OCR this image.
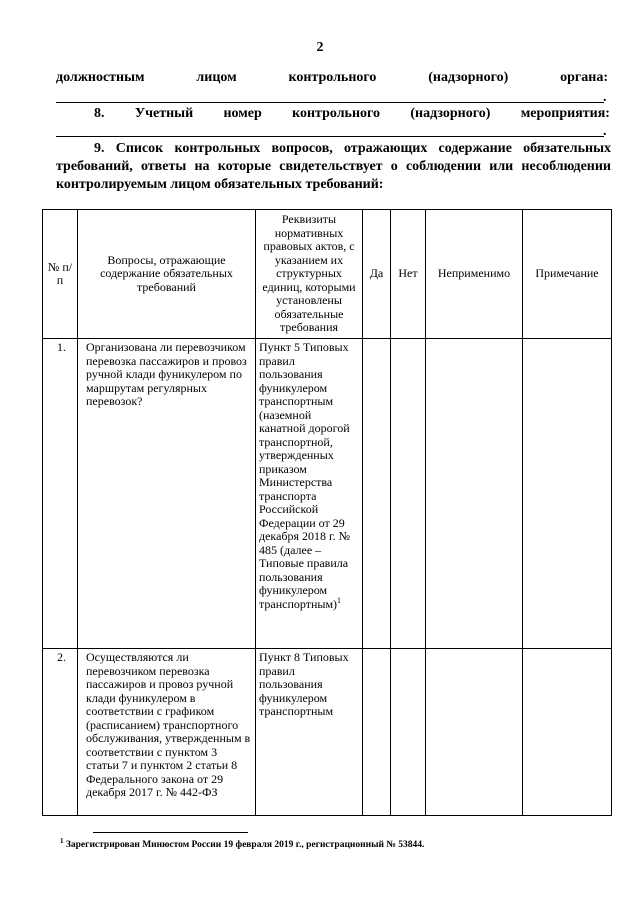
2
должностным	лицом	контрольного	(надзорного)	органа:
.
8. Учетный номер контрольного (надзорного) мероприятия:
.
9. Список контрольных вопросов, отражающих содержание обязательных требований, ответы на которые свидетельствует о соблюдении или несоблюдении контролируемым лицом обязательных требований:
№ п/п	Вопросы, отражающие содержание обязательных требований	Реквизиты нормативных правовых актов, с указанием их структурных единиц, которыми установлены обязательные требования	Да	Нет	Неприменимо	Примечание
1.	Организована ли перевозчиком перевозка пассажиров и провоз ручной клади фуникулером по маршрутам регулярных перевозок?	Пункт 5 Типовых правил пользования фуникулером транспортным (наземной канатной дорогой транспортной, утвержденных приказом Министерства транспорта Российской Федерации от 29 декабря 2018 г. № 485 (далее – Типовые правила пользования фуникулером транспортным)$^1$				
2.	Осуществляются ли перевозчиком перевозка пассажиров и провоз ручной клади фуникулером в соответствии с графиком (расписанием) транспортного обслуживания, утвержденным в соответствии с пунктом 3 статьи 7 и пунктом 2 статьи 8 Федерального закона от 29 декабря 2017 г. № 442-ФЗ	Пункт 8 Типовых правил пользования фуникулером транспортным				
$^1$ Зарегистрирован Минюстом России 19 февраля 2019 г., регистрационный № 53844.
